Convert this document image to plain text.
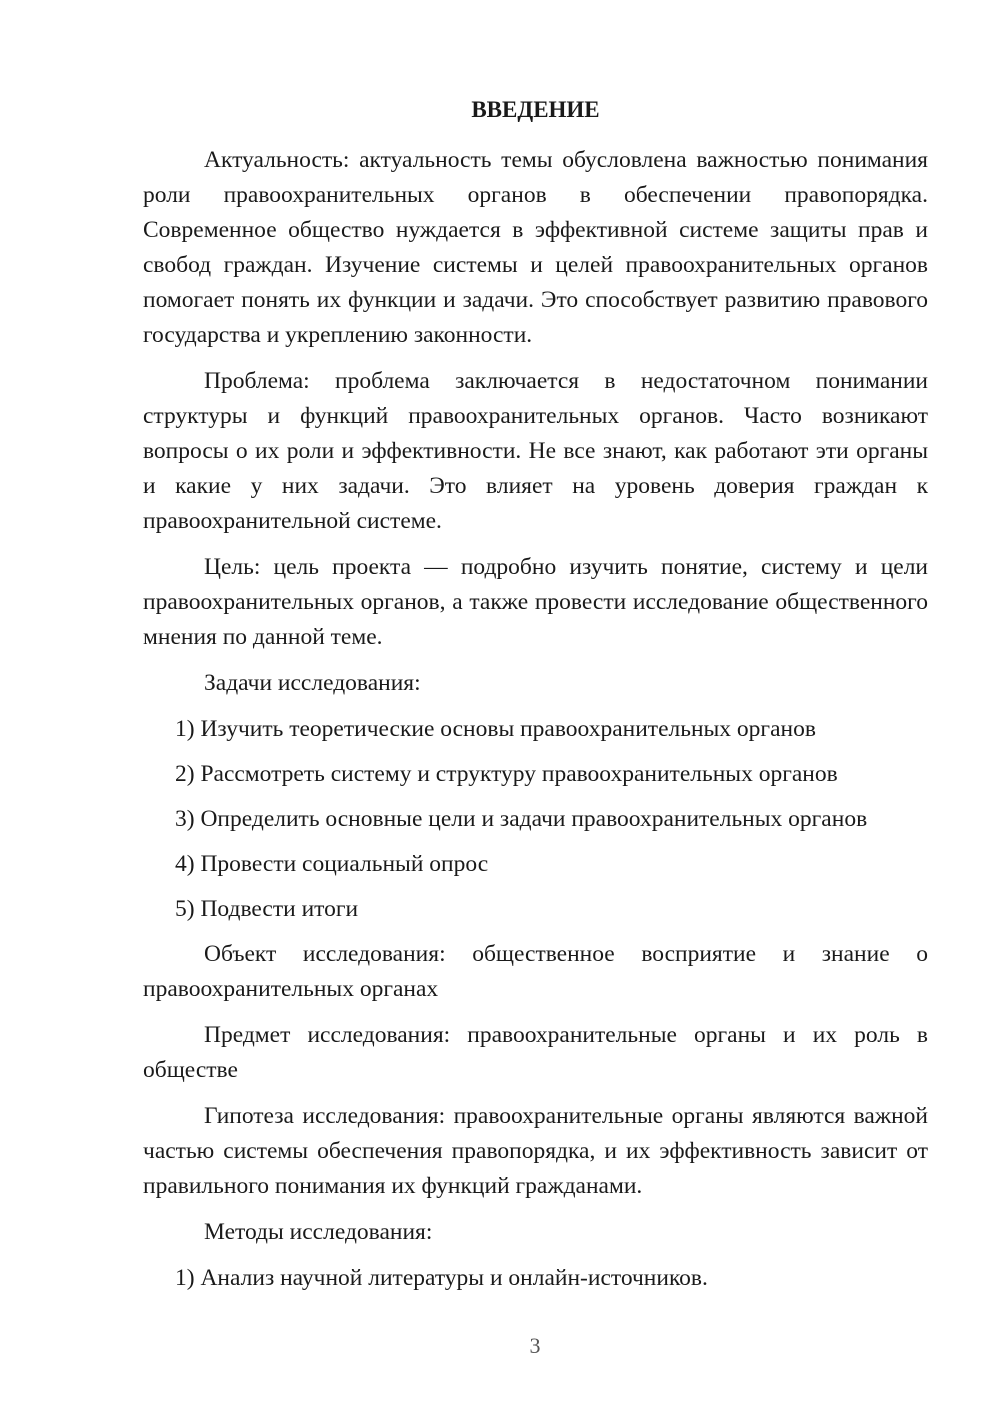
ВВЕДЕНИЕ

Актуальность: актуальность темы обусловлена важностью понимания роли правоохранительных органов в обеспечении правопорядка. Современное общество нуждается в эффективной системе защиты прав и свобод граждан. Изучение системы и целей правоохранительных органов помогает понять их функции и задачи. Это способствует развитию правового государства и укреплению законности.

Проблема: проблема заключается в недостаточном понимании структуры и функций правоохранительных органов. Часто возникают вопросы о их роли и эффективности. Не все знают, как работают эти органы и какие у них задачи. Это влияет на уровень доверия граждан к правоохранительной системе.

Цель: цель проекта — подробно изучить понятие, систему и цели правоохранительных органов, а также провести исследование общественного мнения по данной теме.

Задачи исследования:

1) Изучить теоретические основы правоохранительных органов
2) Рассмотреть систему и структуру правоохранительных органов
3) Определить основные цели и задачи правоохранительных органов
4) Провести социальный опрос
5) Подвести итоги

Объект исследования: общественное восприятие и знание о правоохранительных органах

Предмет исследования: правоохранительные органы и их роль в обществе

Гипотеза исследования: правоохранительные органы являются важной частью системы обеспечения правопорядка, и их эффективность зависит от правильного понимания их функций гражданами.

Методы исследования:

1) Анализ научной литературы и онлайн-источников.
3
